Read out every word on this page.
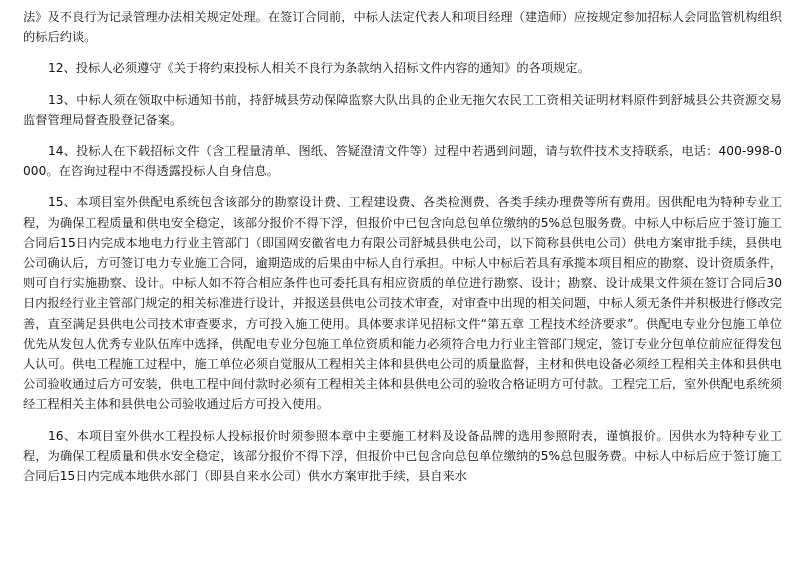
法》及不良行为记录管理办法相关规定处理。在签订合同前，中标人法定代表人和项目经理（建造师）应按规定参加招标人会同监管机构组织的标后约谈。

12、投标人必须遵守《关于将约束投标人相关不良行为条款纳入招标文件内容的通知》的各项规定。

13、中标人须在领取中标通知书前，持舒城县劳动保障监察大队出具的企业无拖欠农民工工资相关证明材料原件到舒城县公共资源交易监督管理局督查股登记备案。

14、投标人在下载招标文件（含工程量清单、图纸、答疑澄清文件等）过程中若遇到问题，请与软件技术支持联系，电话：400-998-0000。在咨询过程中不得透露投标人自身信息。

15、本项目室外供配电系统包含该部分的勘察设计费、工程建设费、各类检测费、各类手续办理费等所有费用。因供配电为特种专业工程，为确保工程质量和供电安全稳定，该部分报价不得下浮，但报价中已包含向总包单位缴纳的5%总包服务费。中标人中标后应于签订施工合同后15日内完成本地电力行业主管部门（即国网安徽省电力有限公司舒城县供电公司，以下简称县供电公司）供电方案审批手续，县供电公司确认后，方可签订电力专业施工合同，逾期造成的后果由中标人自行承担。中标人中标后若具有承揽本项目相应的勘察、设计资质条件，则可自行实施勘察、设计。中标人如不符合相应条件也可委托具有相应资质的单位进行勘察、设计；勘察、设计成果文件须在签订合同后30日内报经行业主管部门规定的相关标准进行设计，并报送县供电公司技术审查，对审查中出现的相关问题，中标人须无条件并积极进行修改完善，直至满足县供电公司技术审查要求，方可投入施工使用。具体要求详见招标文件“第五章 工程技术经济要求”。供配电专业分包施工单位优先从发包人优秀专业队伍库中选择，供配电专业分包施工单位资质和能力必须符合电力行业主管部门规定，签订专业分包单位前应征得发包人认可。供电工程施工过程中，施工单位必须自觉服从工程相关主体和县供电公司的质量监督，主材和供电设备必须经工程相关主体和县供电公司验收通过后方可安装，供电工程中间付款时必须有工程相关主体和县供电公司的验收合格证明方可付款。工程完工后，室外供配电系统须经工程相关主体和县供电公司验收通过后方可投入使用。

16、本项目室外供水工程投标人投标报价时须参照本章中主要施工材料及设备品牌的选用参照附表，谨慎报价。因供水为特种专业工程，为确保工程质量和供水安全稳定，该部分报价不得下浮，但报价中已包含向总包单位缴纳的5%总包服务费。中标人中标后应于签订施工合同后15日内完成本地供水部门（即县自来水公司）供水方案审批手续，县自来水
